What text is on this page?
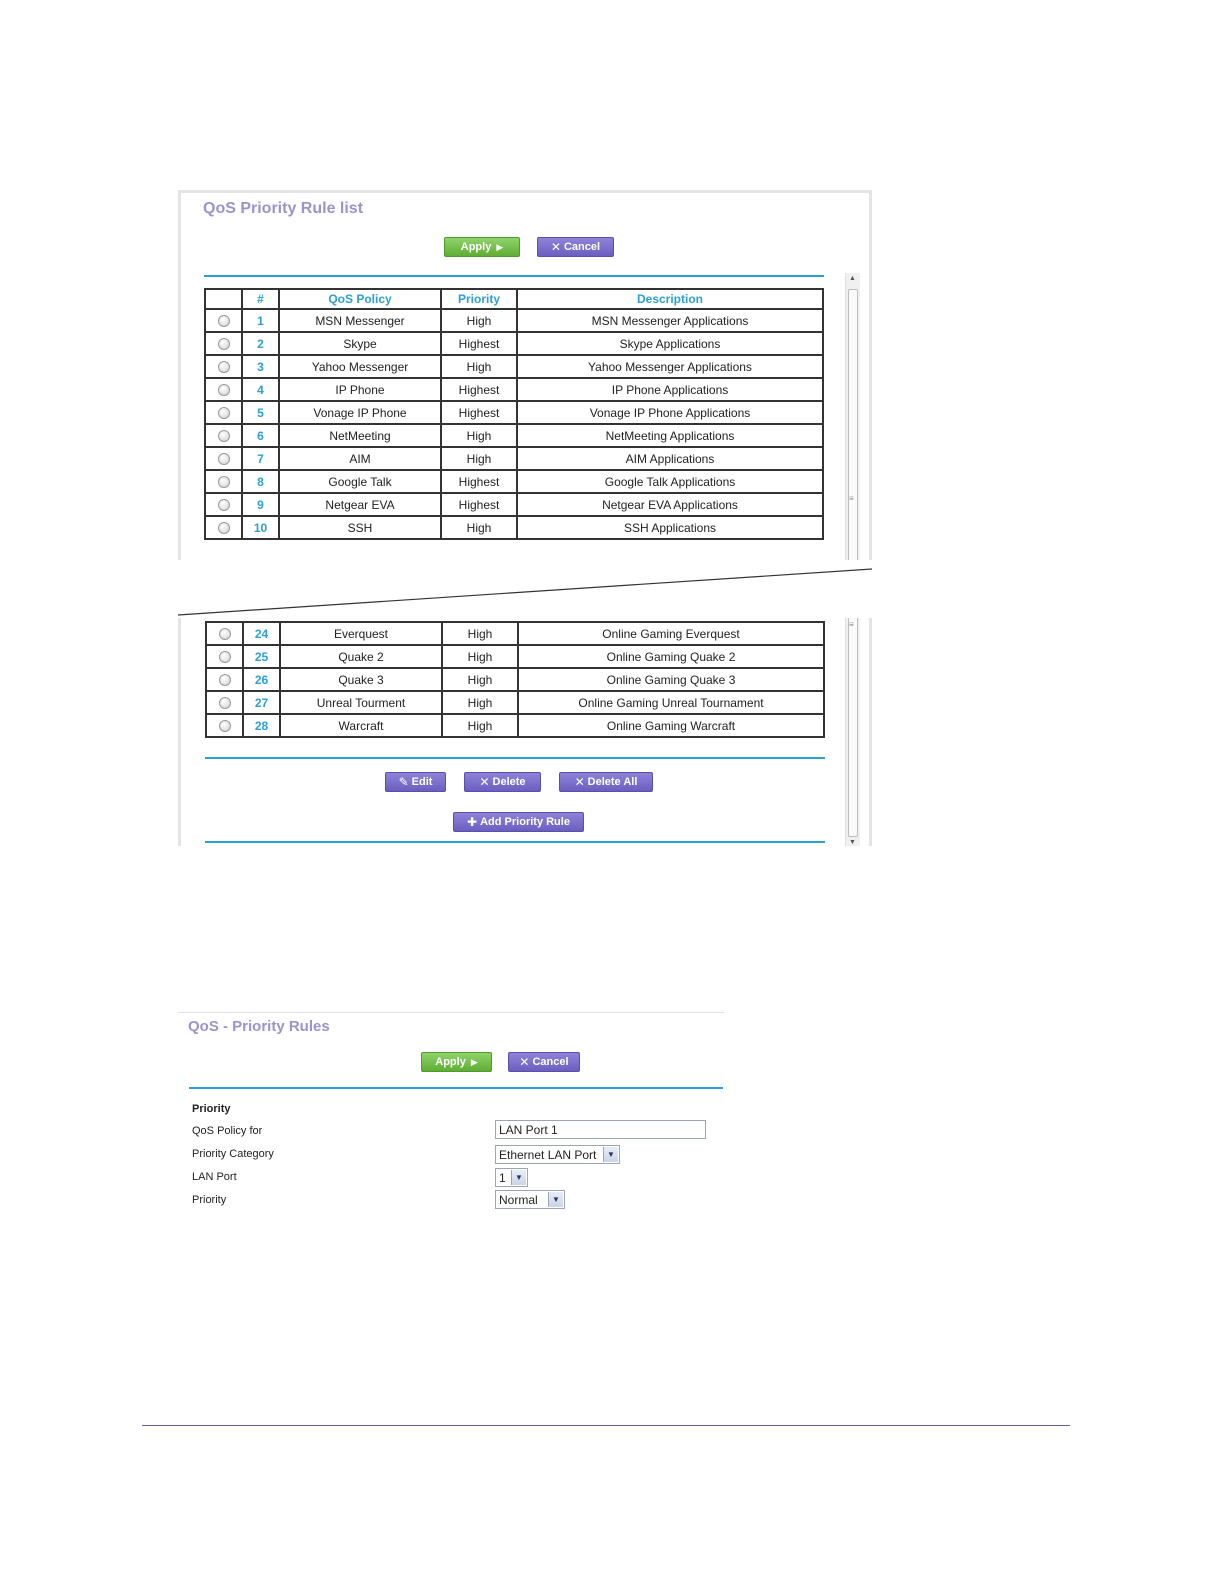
QoS Priority Rule list
Apply ▶	✕ Cancel
	#	QoS Policy	Priority	Description
	1	MSN Messenger	High	MSN Messenger Applications
	2	Skype	Highest	Skype Applications
	3	Yahoo Messenger	High	Yahoo Messenger Applications
	4	IP Phone	Highest	IP Phone Applications
	5	Vonage IP Phone	Highest	Vonage IP Phone Applications
	6	NetMeeting	High	NetMeeting Applications
	7	AIM	High	AIM Applications
	8	Google Talk	Highest	Google Talk Applications
	9	Netgear EVA	Highest	Netgear EVA Applications
	10	SSH	High	SSH Applications
▲
≡
	24	Everquest	High	Online Gaming Everquest
	25	Quake 2	High	Online Gaming Quake 2
	26	Quake 3	High	Online Gaming Quake 3
	27	Unreal Tourment	High	Online Gaming Unreal Tournament
	28	Warcraft	High	Online Gaming Warcraft
≡
▼
✎ Edit	✕ Delete	✕ Delete All
✚ Add Priority Rule
QoS - Priority Rules
Apply ▶	✕ Cancel
Priority
QoS Policy for	LAN Port 1
Priority Category	Ethernet LAN Port	▼
LAN Port	1	▼
Priority	Normal	▼
